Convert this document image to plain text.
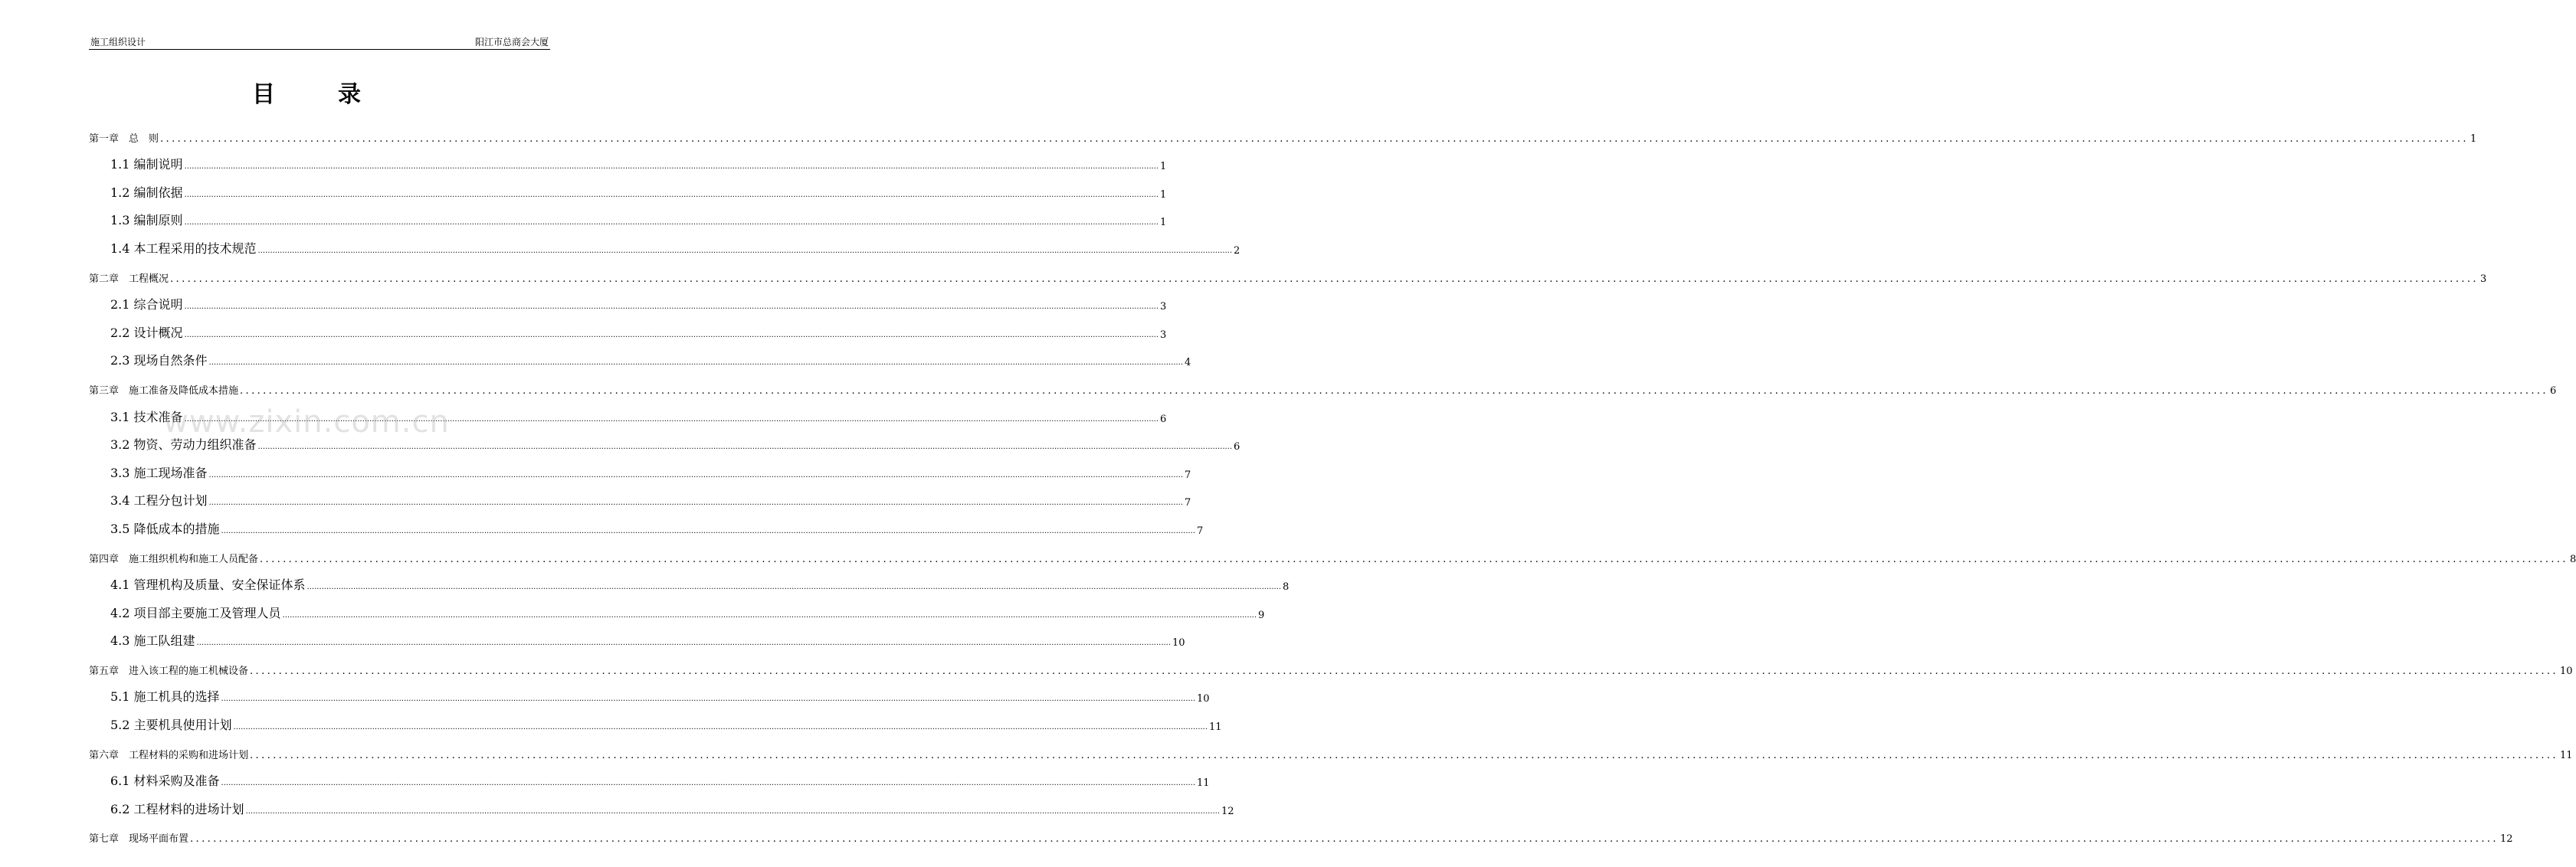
施工组织设计	阳江市总商会大厦
目录
第一章　总　则 ................................................................................................................................................................................................................................................................................................................................................................................................................ 1
1.1 编制说明 ................................................................................................................................................................................................................................................................................................................................................................................................................ 1
1.2 编制依据 ................................................................................................................................................................................................................................................................................................................................................................................................................ 1
1.3 编制原则 ................................................................................................................................................................................................................................................................................................................................................................................................................ 1
1.4 本工程采用的技术规范 ................................................................................................................................................................................................................................................................................................................................................................................................................ 2
第二章　工程概况 ................................................................................................................................................................................................................................................................................................................................................................................................................ 3
2.1 综合说明 ................................................................................................................................................................................................................................................................................................................................................................................................................ 3
2.2 设计概况 ................................................................................................................................................................................................................................................................................................................................................................................................................ 3
2.3 现场自然条件 ................................................................................................................................................................................................................................................................................................................................................................................................................ 4
第三章　施工准备及降低成本措施 ................................................................................................................................................................................................................................................................................................................................................................................................................ 6
3.1 技术准备 ................................................................................................................................................................................................................................................................................................................................................................................................................ 6
3.2 物资、劳动力组织准备 ................................................................................................................................................................................................................................................................................................................................................................................................................ 6
3.3 施工现场准备 ................................................................................................................................................................................................................................................................................................................................................................................................................ 7
3.4 工程分包计划 ................................................................................................................................................................................................................................................................................................................................................................................................................ 7
3.5 降低成本的措施 ................................................................................................................................................................................................................................................................................................................................................................................................................ 7
第四章　施工组织机构和施工人员配备 ................................................................................................................................................................................................................................................................................................................................................................................................................ 8
4.1 管理机构及质量、安全保证体系 ................................................................................................................................................................................................................................................................................................................................................................................................................ 8
4.2 项目部主要施工及管理人员 ................................................................................................................................................................................................................................................................................................................................................................................................................ 9
4.3 施工队组建 ................................................................................................................................................................................................................................................................................................................................................................................................................ 10
第五章　进入该工程的施工机械设备 ................................................................................................................................................................................................................................................................................................................................................................................................................ 10
5.1 施工机具的选择 ................................................................................................................................................................................................................................................................................................................................................................................................................ 10
5.2 主要机具使用计划 ................................................................................................................................................................................................................................................................................................................................................................................................................ 11
第六章　工程材料的采购和进场计划 ................................................................................................................................................................................................................................................................................................................................................................................................................ 11
6.1 材料采购及准备 ................................................................................................................................................................................................................................................................................................................................................................................................................ 11
6.2 工程材料的进场计划 ................................................................................................................................................................................................................................................................................................................................................................................................................ 12
第七章　现场平面布置 ................................................................................................................................................................................................................................................................................................................................................................................................................ 12
www.zixin.com.cn
